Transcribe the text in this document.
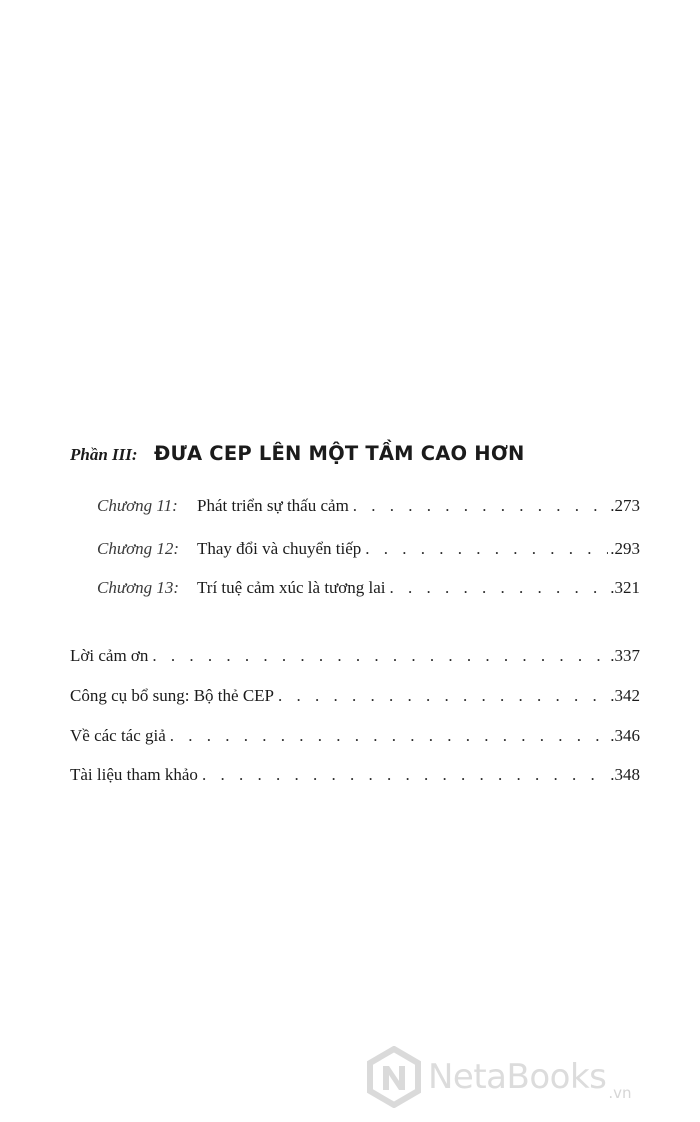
Phần III: ĐƯA CEP LÊN MỘT TẦM CAO HƠN
Chương 11:	Phát triển sự thấu cảm . . .	.273
Chương 12:	Thay đổi và chuyển tiếp . . .	.293
Chương 13:	Trí tuệ cảm xúc là tương lai . . .	.321
Lời cảm ơn . . .	.337
Công cụ bổ sung: Bộ thẻ CEP . . .	.342
Về các tác giả . . .	.346
Tài liệu tham khảo . . .	.348
NetaBooks .vn
